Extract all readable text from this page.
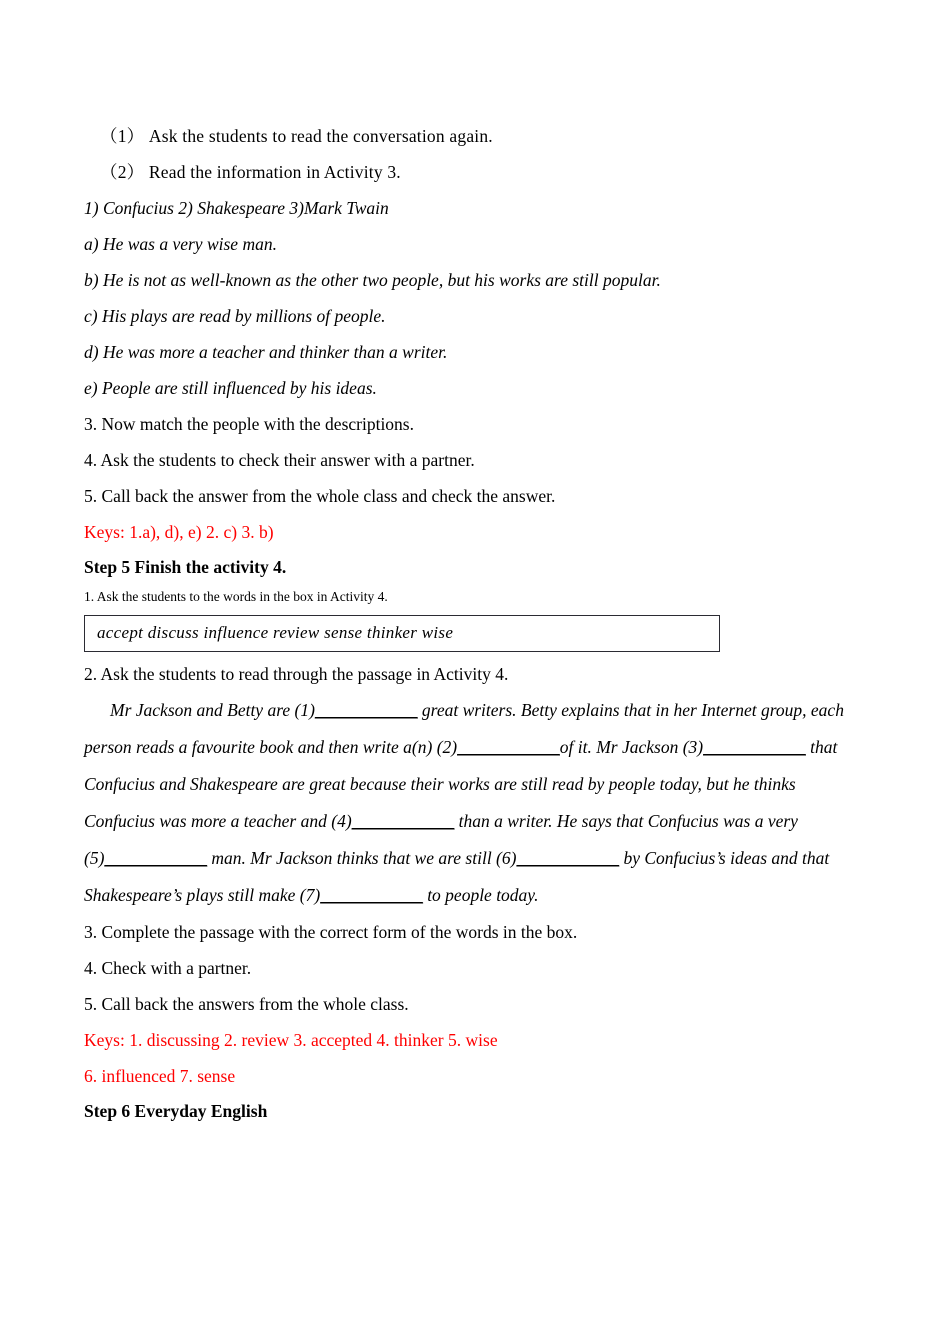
（1） Ask the students to read the conversation again.
（2） Read the information in Activity 3.
1) Confucius 2) Shakespeare 3)Mark Twain
a) He was a very wise man.
b) He is not as well-known as the other two people, but his works are still popular.
c) His plays are read by millions of people.
d) He was more a teacher and thinker than a writer.
e) People are still influenced by his ideas.
3. Now match the people with the descriptions.
4. Ask the students to check their answer with a partner.
5. Call back the answer from the whole class and check the answer.
Keys: 1.a), d), e) 2. c) 3. b)
Step 5 Finish the activity 4.
1. Ask the students to the words in the box in Activity 4.
accept discuss influence review sense thinker wise
2. Ask the students to read through the passage in Activity 4.
Mr Jackson and Betty are (1)____________ great writers. Betty explains that in her Internet group, each person reads a favourite book and then write a(n) (2)____________of it. Mr Jackson (3)____________ that Confucius and Shakespeare are great because their works are still read by people today, but he thinks Confucius was more a teacher and (4)____________ than a writer. He says that Confucius was a very (5)____________ man. Mr Jackson thinks that we are still (6)____________ by Confucius’s ideas and that Shakespeare’s plays still make (7)____________ to people today.
3. Complete the passage with the correct form of the words in the box.
4. Check with a partner.
5. Call back the answers from the whole class.
Keys: 1. discussing 2. review 3. accepted 4. thinker 5. wise
6. influenced 7. sense
Step 6 Everyday English
